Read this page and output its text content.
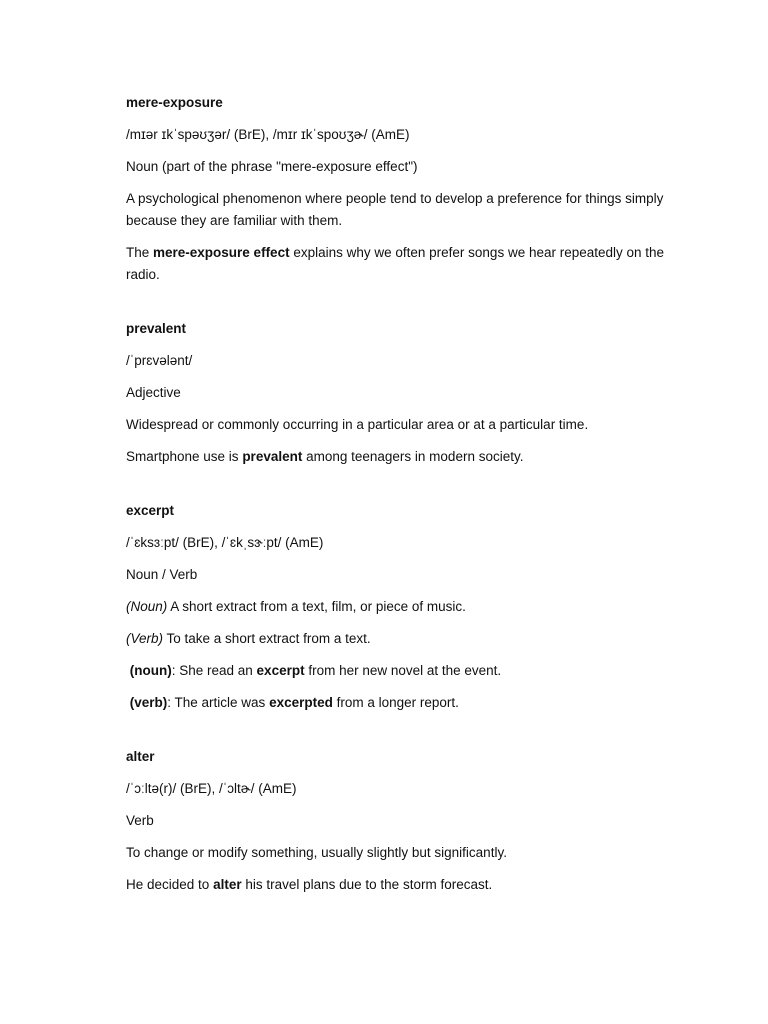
mere-exposure

/mɪər ɪkˈspəʊʒər/ (BrE), /mɪr ɪkˈspoʊʒɚ/ (AmE)

Noun (part of the phrase "mere-exposure effect")

A psychological phenomenon where people tend to develop a preference for things simply because they are familiar with them.

The mere-exposure effect explains why we often prefer songs we hear repeatedly on the radio.

prevalent

/ˈprɛvələnt/

Adjective

Widespread or commonly occurring in a particular area or at a particular time.

Smartphone use is prevalent among teenagers in modern society.

excerpt

/ˈɛksɜːpt/ (BrE), /ˈɛkˌsɝːpt/ (AmE)

Noun / Verb

(Noun) A short extract from a text, film, or piece of music.

(Verb) To take a short extract from a text.

(noun): She read an excerpt from her new novel at the event.

(verb): The article was excerpted from a longer report.

alter

/ˈɔːltə(r)/ (BrE), /ˈɔltɚ/ (AmE)

Verb

To change or modify something, usually slightly but significantly.

He decided to alter his travel plans due to the storm forecast.
